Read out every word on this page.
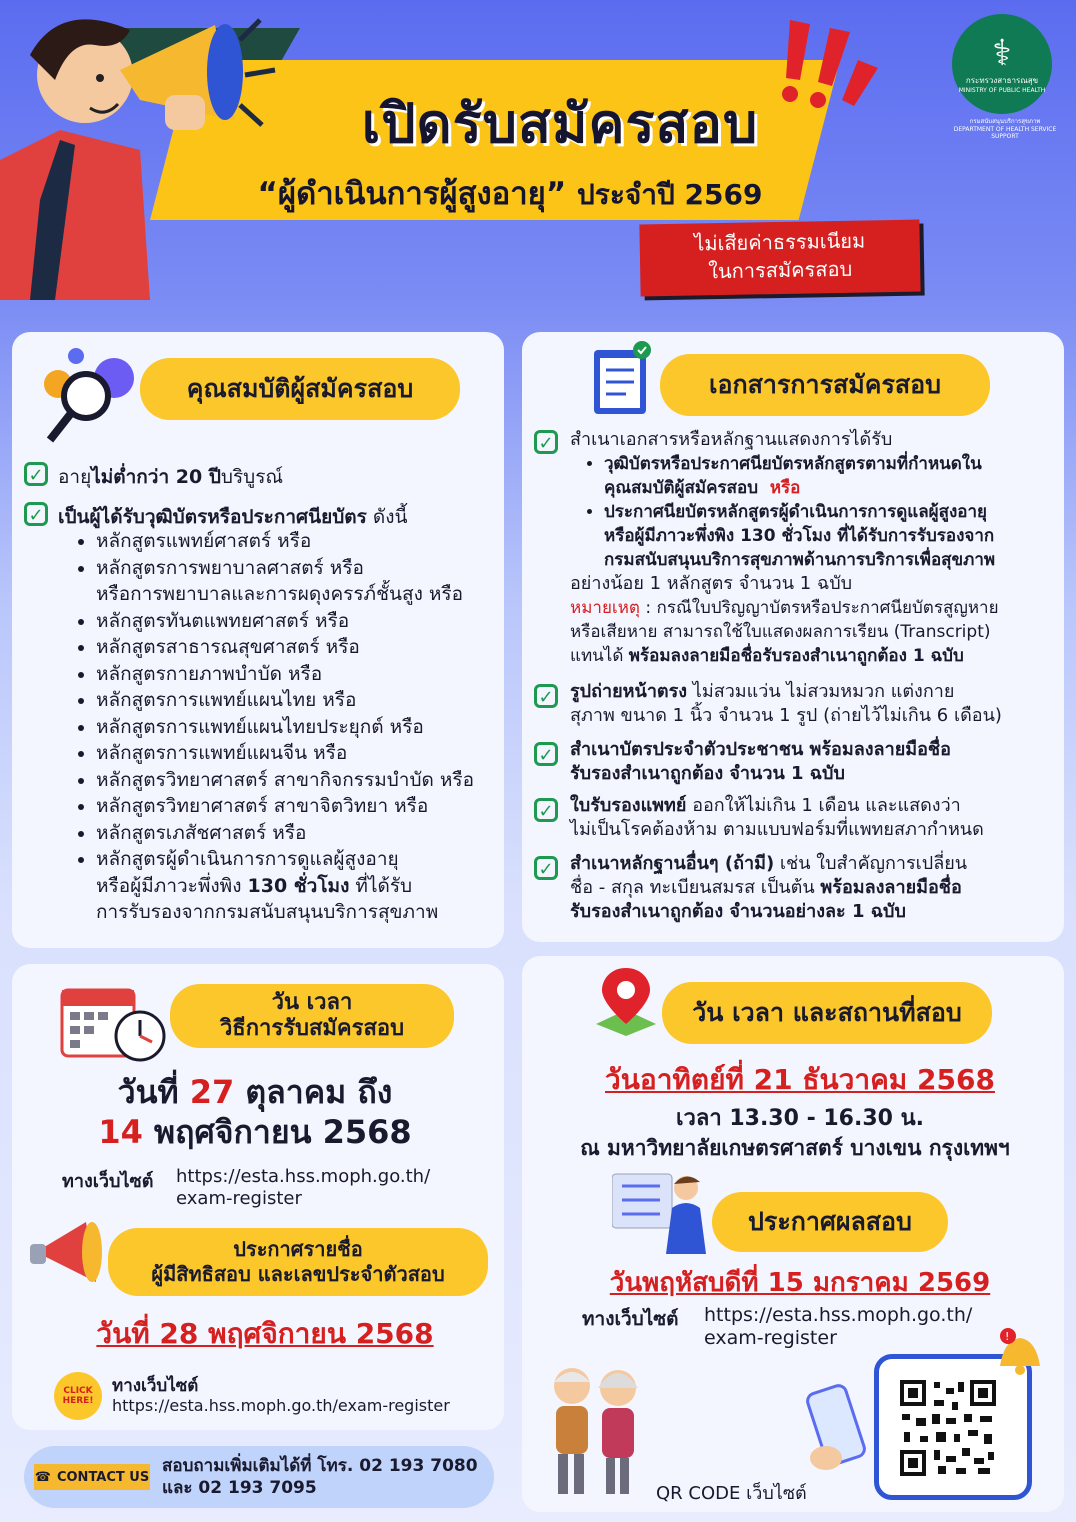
⚕
กระทรวงสาธารณสุข
MINISTRY OF PUBLIC HEALTH
กรมสนับสนุนบริการสุขภาพ
DEPARTMENT OF HEALTH SERVICE SUPPORT
เปิดรับสมัครสอบ
“ผู้ดำเนินการผู้สูงอายุ” ประจำปี 2569
ไม่เสียค่าธรรมเนียม
ในการสมัครสอบ
คุณสมบัติผู้สมัครสอบ
✓ อายุไม่ต่ำกว่า 20 ปีบริบูรณ์
✓ เป็นผู้ได้รับวุฒิบัตรหรือประกาศนียบัตร ดังนี้
• หลักสูตรแพทย์ศาสตร์ หรือ
• หลักสูตรการพยาบาลศาสตร์ หรือ
หรือการพยาบาลและการผดุงครรภ์ชั้นสูง หรือ
• หลักสูตรทันตแพทยศาสตร์ หรือ
• หลักสูตรสาธารณสุขศาสตร์ หรือ
• หลักสูตรกายภาพบำบัด หรือ
• หลักสูตรการแพทย์แผนไทย หรือ
• หลักสูตรการแพทย์แผนไทยประยุกต์ หรือ
• หลักสูตรการแพทย์แผนจีน หรือ
• หลักสูตรวิทยาศาสตร์ สาขากิจกรรมบำบัด หรือ
• หลักสูตรวิทยาศาสตร์ สาขาจิตวิทยา หรือ
• หลักสูตรเภสัชศาสตร์ หรือ
• หลักสูตรผู้ดำเนินการการดูแลผู้สูงอายุ
หรือผู้มีภาวะพึ่งพิง 130 ชั่วโมง ที่ได้รับ
การรับรองจากกรมสนับสนุนบริการสุขภาพ
เอกสารการสมัครสอบ
✓ สำเนาเอกสารหรือหลักฐานแสดงการได้รับ
• วุฒิบัตรหรือประกาศนียบัตรหลักสูตรตามที่กำหนดใน
คุณสมบัติผู้สมัครสอบ หรือ
• ประกาศนียบัตรหลักสูตรผู้ดำเนินการการดูแลผู้สูงอายุ
หรือผู้มีภาวะพึ่งพิง 130 ชั่วโมง ที่ได้รับการรับรองจาก
กรมสนับสนุนบริการสุขภาพด้านการบริการเพื่อสุขภาพ
อย่างน้อย 1 หลักสูตร จำนวน 1 ฉบับ
หมายเหตุ : กรณีใบปริญญาบัตรหรือประกาศนียบัตรสูญหาย
หรือเสียหาย สามารถใช้ใบแสดงผลการเรียน (Transcript)
แทนได้ พร้อมลงลายมือชื่อรับรองสำเนาถูกต้อง 1 ฉบับ
✓ รูปถ่ายหน้าตรง ไม่สวมแว่น ไม่สวมหมวก แต่งกาย
สุภาพ ขนาด 1 นิ้ว จำนวน 1 รูป (ถ่ายไว้ไม่เกิน 6 เดือน)
✓ สำเนาบัตรประจำตัวประชาชน พร้อมลงลายมือชื่อ
รับรองสำเนาถูกต้อง จำนวน 1 ฉบับ
✓ ใบรับรองแพทย์ ออกให้ไม่เกิน 1 เดือน และแสดงว่า
ไม่เป็นโรคต้องห้าม ตามแบบฟอร์มที่แพทยสภากำหนด
✓ สำเนาหลักฐานอื่นๆ (ถ้ามี) เช่น ใบสำคัญการเปลี่ยน
ชื่อ - สกุล ทะเบียนสมรส เป็นต้น พร้อมลงลายมือชื่อ
รับรองสำเนาถูกต้อง จำนวนอย่างละ 1 ฉบับ
วัน เวลา
วิธีการรับสมัครสอบ
วันที่ 27 ตุลาคม ถึง
14 พฤศจิกายน 2568
ทางเว็บไซต์ https://esta.hss.moph.go.th/
exam-register
ประกาศรายชื่อ
ผู้มีสิทธิสอบ และเลขประจำตัวสอบ
วันที่ 28 พฤศจิกายน 2568
CLICK HERE!
ทางเว็บไซต์
https://esta.hss.moph.go.th/exam-register
☎ CONTACT US
สอบถามเพิ่มเติมได้ที่ โทร. 02 193 7080
และ 02 193 7095
วัน เวลา และสถานที่สอบ
วันอาทิตย์ที่ 21 ธันวาคม 2568
เวลา 13.30 - 16.30 น.
ณ มหาวิทยาลัยเกษตรศาสตร์ บางเขน กรุงเทพฯ
ประกาศผลสอบ
วันพฤหัสบดีที่ 15 มกราคม 2569
ทางเว็บไซต์ https://esta.hss.moph.go.th/
exam-register	!
QR CODE เว็บไซต์
